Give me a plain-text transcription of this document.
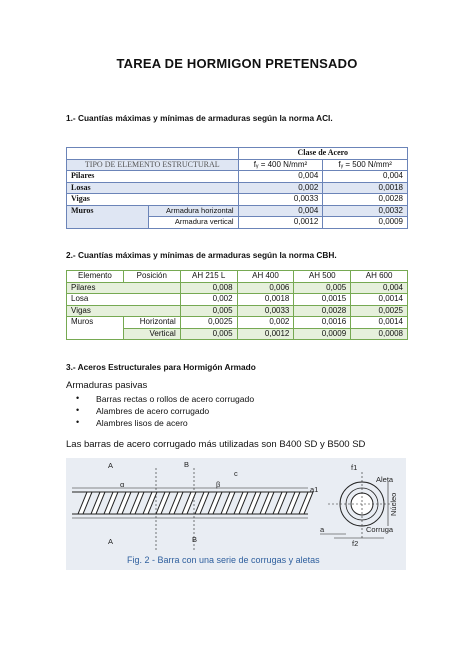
TAREA DE HORMIGON PRETENSADO
1.- Cuantías máximas y mínimas de armaduras según la norma ACI.
		Clase de Acero	
TIPO DE ELEMENTO ESTRUCTURAL		fᵧ = 400 N/mm²	fᵧ = 500 N/mm²
Pilares		0,004	0,004
Losas		0,002	0,0018
Vigas		0,0033	0,0028
Muros	Armadura horizontal	0,004	0,0032
	Armadura vertical	0,0012	0,0009
2.- Cuantías máximas y mínimas de armaduras según la norma CBH.
Elemento	Posición	AH 215 L	AH 400	AH 500	AH 600
Pilares		0,008	0,006	0,005	0,004
Losa		0,002	0,0018	0,0015	0,0014
Vigas		0,005	0,0033	0,0028	0,0025
Muros	Horizontal	0,0025	0,002	0,0016	0,0014
	Vertical	0,005	0,0012	0,0009	0,0008
3.- Aceros Estructurales para Hormigón Armado
Armaduras pasivas
• Barras rectas o rollos de acero corrugado
• Alambres de acero corrugado
• Alambres lisos de acero
Las barras de acero corrugado más utilizadas son B400 SD y B500 SD
A	B
α	β
c
a1
A	B
Aleta
Núcleo
Corruga
f1
f2
a
Fig. 2 - Barra con una serie de corrugas y aletas
